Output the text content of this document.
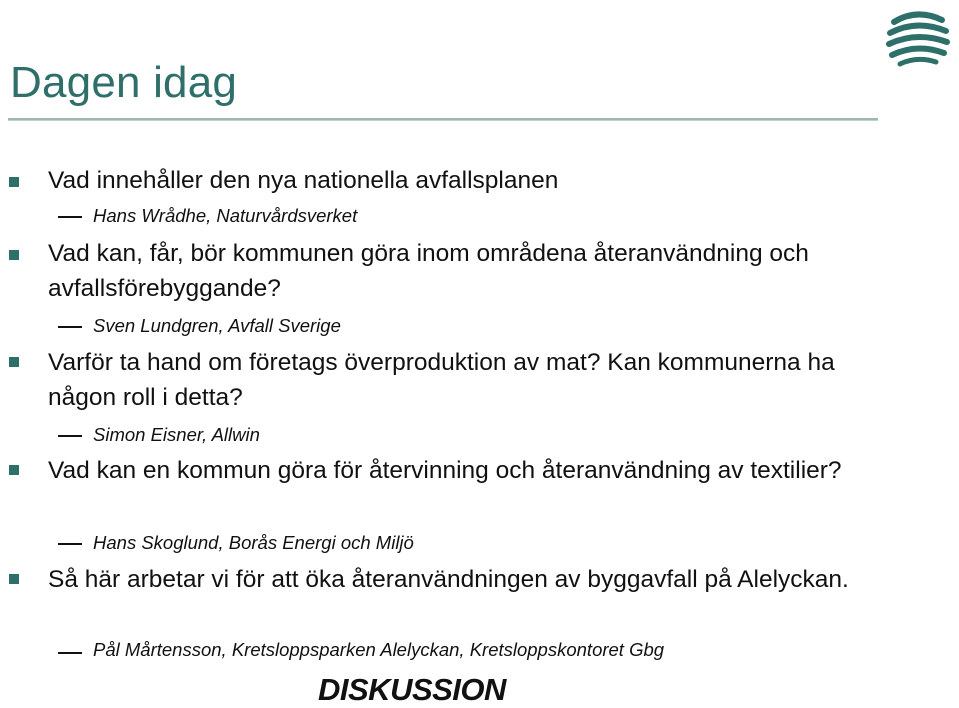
Dagen idag

Vad innehåller den nya nationella avfallsplanen

Hans Wrådhe, Naturvårdsverket

Vad kan, får, bör kommunen göra inom områdena återanvändning och avfallsförebyggande?

Sven Lundgren, Avfall Sverige

Varför ta hand om företags överproduktion av mat? Kan kommunerna ha någon roll i detta?

Simon Eisner, Allwin

Vad kan en kommun göra för återvinning och återanvändning av textilier?

Hans Skoglund, Borås Energi och Miljö

Så här arbetar vi för att öka återanvändningen av byggavfall på Alelyckan.

Pål Mårtensson, Kretsloppsparken Alelyckan, Kretsloppskontoret Gbg

DISKUSSION
